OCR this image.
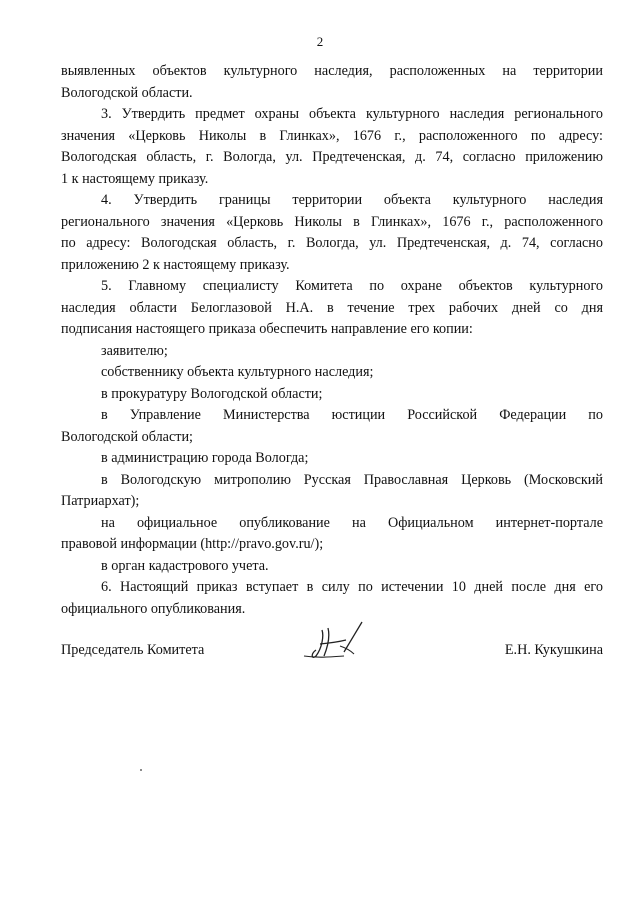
2

выявленных объектов культурного наследия, расположенных на территории

Вологодской области.

3. Утвердить предмет охраны объекта культурного наследия регионального

значения «Церковь Николы в Глинках», 1676 г., расположенного по адресу:

Вологодская область, г. Вологда, ул. Предтеченская, д. 74, согласно приложению

1 к настоящему приказу.

4. Утвердить границы территории объекта культурного наследия

регионального значения «Церковь Николы в Глинках», 1676 г., расположенного

по адресу: Вологодская область, г. Вологда, ул. Предтеченская, д. 74, согласно

приложению 2 к настоящему приказу.

5. Главному специалисту Комитета по охране объектов культурного

наследия области Белоглазовой Н.А. в течение трех рабочих дней со дня

подписания настоящего приказа обеспечить направление его копии:

заявителю;

собственнику объекта культурного наследия;

в прокуратуру Вологодской области;

в Управление Министерства юстиции Российской Федерации по

Вологодской области;

в администрацию города Вологда;

в Вологодскую митрополию Русская Православная Церковь (Московский

Патриархат);

на официальное опубликование на Официальном интернет-портале

правовой информации (http://pravo.gov.ru/);

в орган кадастрового учета.

6. Настоящий приказ вступает в силу по истечении 10 дней после дня его

официального опубликования.

Председатель Комитета	Е.Н. Кукушкина
